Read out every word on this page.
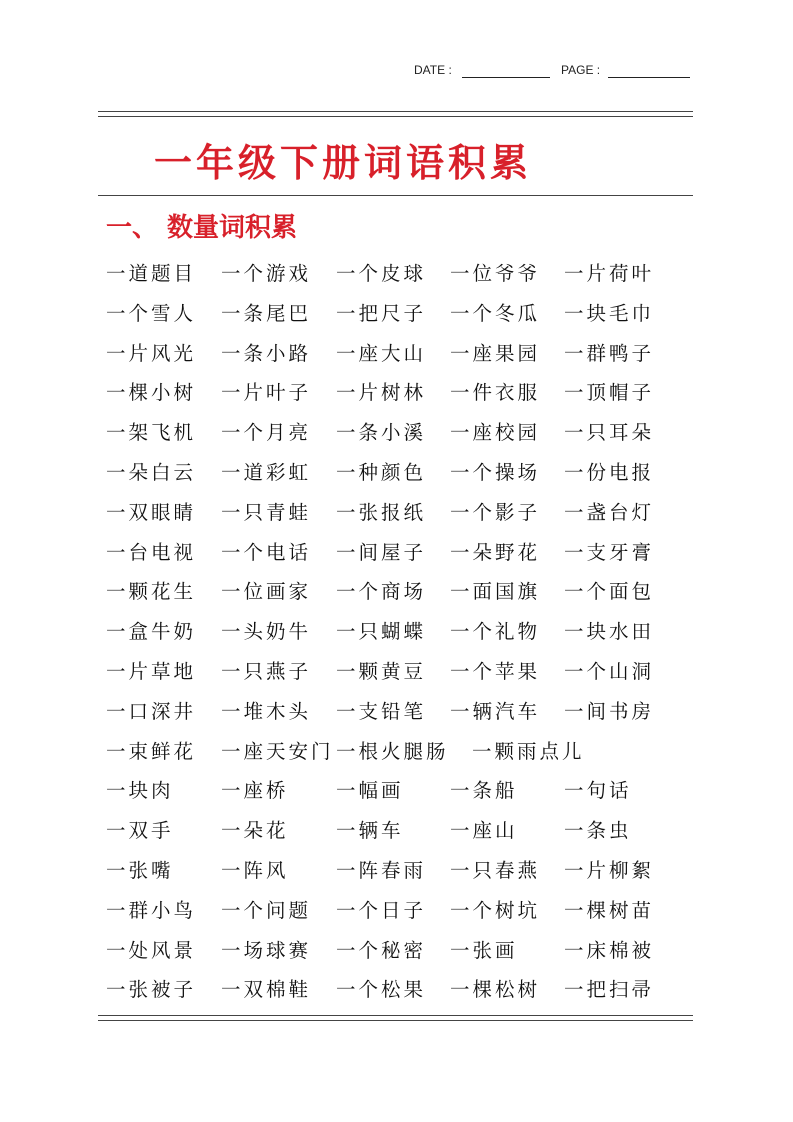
DATE :	PAGE :
一年级下册词语积累
一、 数量词积累
一道题目 一个游戏 一个皮球 一位爷爷 一片荷叶
一个雪人 一条尾巴 一把尺子 一个冬瓜 一块毛巾
一片风光 一条小路 一座大山 一座果园 一群鸭子
一棵小树 一片叶子 一片树林 一件衣服 一顶帽子
一架飞机 一个月亮 一条小溪 一座校园 一只耳朵
一朵白云 一道彩虹 一种颜色 一个操场 一份电报
一双眼睛 一只青蛙 一张报纸 一个影子 一盏台灯
一台电视 一个电话 一间屋子 一朵野花 一支牙膏
一颗花生 一位画家 一个商场 一面国旗 一个面包
一盒牛奶 一头奶牛 一只蝴蝶 一个礼物 一块水田
一片草地 一只燕子 一颗黄豆 一个苹果 一个山洞
一口深井 一堆木头 一支铅笔 一辆汽车 一间书房
一束鲜花 一座天安门 一根火腿肠 一颗雨点儿
一块肉 一座桥 一幅画 一条船 一句话
一双手 一朵花 一辆车 一座山 一条虫
一张嘴 一阵风 一阵春雨 一只春燕 一片柳絮
一群小鸟 一个问题 一个日子 一个树坑 一棵树苗
一处风景 一场球赛 一个秘密 一张画 一床棉被
一张被子 一双棉鞋 一个松果 一棵松树 一把扫帚
